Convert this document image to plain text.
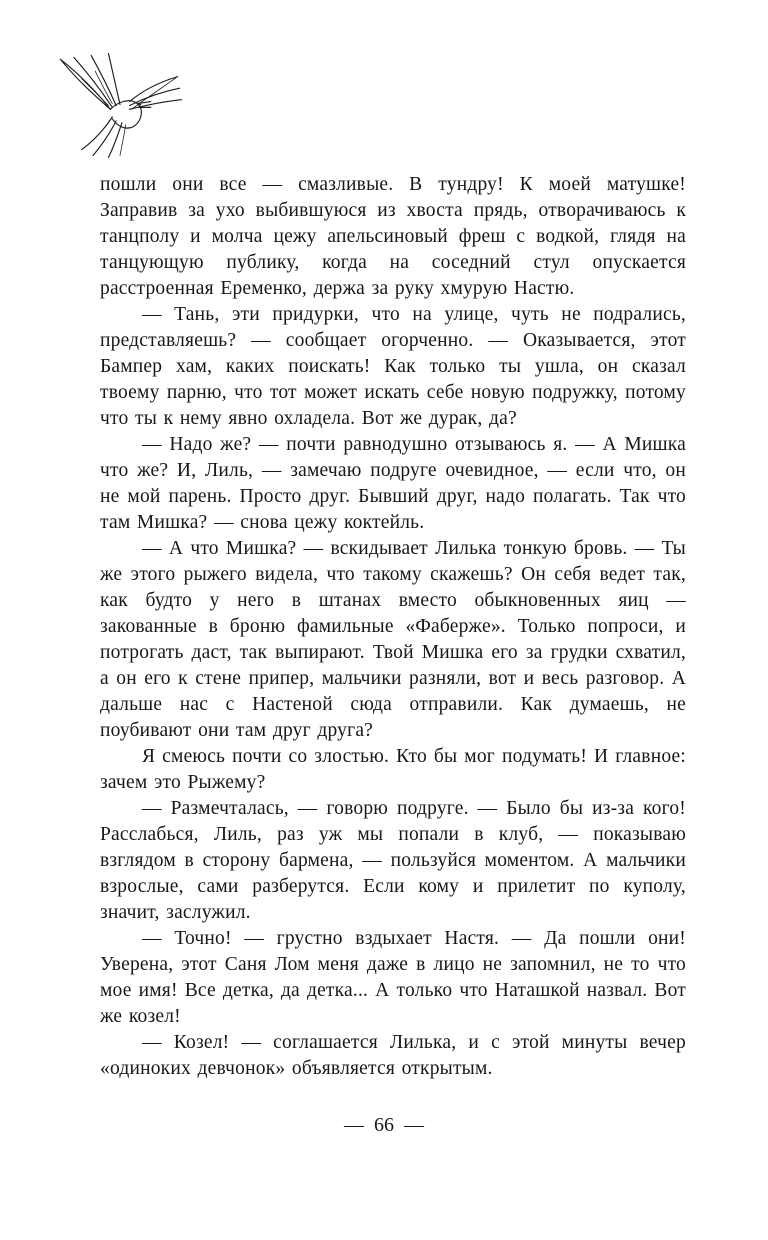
пошли они все — смазливые. В тундру! К моей матушке! Заправив за ухо выбившуюся из хвоста прядь, отворачиваюсь к танцполу и молча цежу апельсиновый фреш с водкой, глядя на танцующую публику, когда на соседний стул опускается расстроенная Еременко, держа за руку хмурую Настю.

— Тань, эти придурки, что на улице, чуть не подрались, представляешь? — сообщает огорченно. — Оказывается, этот Бампер хам, каких поискать! Как только ты ушла, он сказал твоему парню, что тот может искать себе новую подружку, потому что ты к нему явно охладела. Вот же дурак, да?

— Надо же? — почти равнодушно отзываюсь я. — А Мишка что же? И, Лиль, — замечаю подруге очевидное, — если что, он не мой парень. Просто друг. Бывший друг, надо полагать. Так что там Мишка? — снова цежу коктейль.

— А что Мишка? — вскидывает Лилька тонкую бровь. — Ты же этого рыжего видела, что такому скажешь? Он себя ведет так, как будто у него в штанах вместо обыкновенных яиц — закованные в броню фамильные «Фаберже». Только попроси, и потрогать даст, так выпирают. Твой Мишка его за грудки схватил, а он его к стене припер, мальчики разняли, вот и весь разговор. А дальше нас с Настеной сюда отправили. Как думаешь, не поубивают они там друг друга?

Я смеюсь почти со злостью. Кто бы мог подумать! И главное: зачем это Рыжему?

— Размечталась, — говорю подруге. — Было бы из-за кого! Расслабься, Лиль, раз уж мы попали в клуб, — показываю взглядом в сторону бармена, — пользуйся моментом. А мальчики взрослые, сами разберутся. Если кому и прилетит по куполу, значит, заслужил.

— Точно! — грустно вздыхает Настя. — Да пошли они! Уверена, этот Саня Лом меня даже в лицо не запомнил, не то что мое имя! Все детка, да детка... А только что Наташкой назвал. Вот же козел!

— Козел! — соглашается Лилька, и с этой минуты вечер «одиноких девчонок» объявляется открытым.

— 66 —
